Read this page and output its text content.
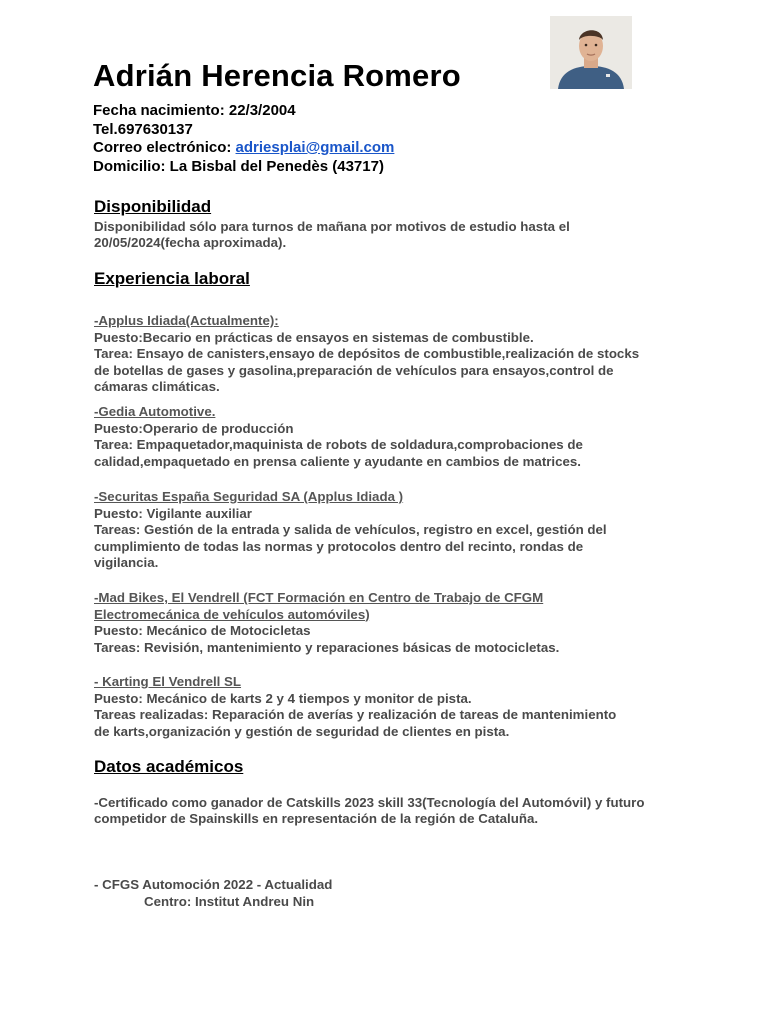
Adrián Herencia Romero
Fecha nacimiento: 22/3/2004
Tel.697630137
Correo electrónico: adriesplai@gmail.com
Domicilio: La Bisbal del Penedès (43717)
Disponibilidad
Disponibilidad sólo para turnos de mañana por motivos de estudio hasta el 20/05/2024(fecha aproximada).
Experiencia laboral
-Applus Idiada(Actualmente):
Puesto:Becario en prácticas de ensayos en sistemas de combustible.
Tarea: Ensayo de canisters,ensayo de depósitos de combustible,realización de stocks de botellas de gases y gasolina,preparación de vehículos para ensayos,control de cámaras climáticas.
-Gedia Automotive.
Puesto:Operario de producción
Tarea: Empaquetador,maquinista de robots de soldadura,comprobaciones de calidad,empaquetado en prensa caliente y ayudante en cambios de matrices.
-Securitas España Seguridad SA (Applus Idiada )
Puesto: Vigilante auxiliar
Tareas: Gestión de la entrada y salida de vehículos, registro en excel, gestión del cumplimiento de todas las normas y protocolos dentro del recinto, rondas de vigilancia.
-Mad Bikes, El Vendrell (FCT Formación en Centro de Trabajo de CFGM Electromecánica de vehículos automóviles)
Puesto: Mecánico de Motocicletas
Tareas: Revisión, mantenimiento y reparaciones básicas de motocicletas.
- Karting El Vendrell SL
Puesto: Mecánico de karts 2 y 4 tiempos y monitor de pista.
Tareas realizadas: Reparación de averías y realización de tareas de mantenimiento de karts,organización y gestión de seguridad de clientes en pista.
Datos académicos
-Certificado como ganador de Catskills 2023 skill 33(Tecnología del Automóvil) y futuro competidor de Spainskills en representación de la región de Cataluña.
- CFGS Automoción 2022 - Actualidad
Centro: Institut Andreu Nin
